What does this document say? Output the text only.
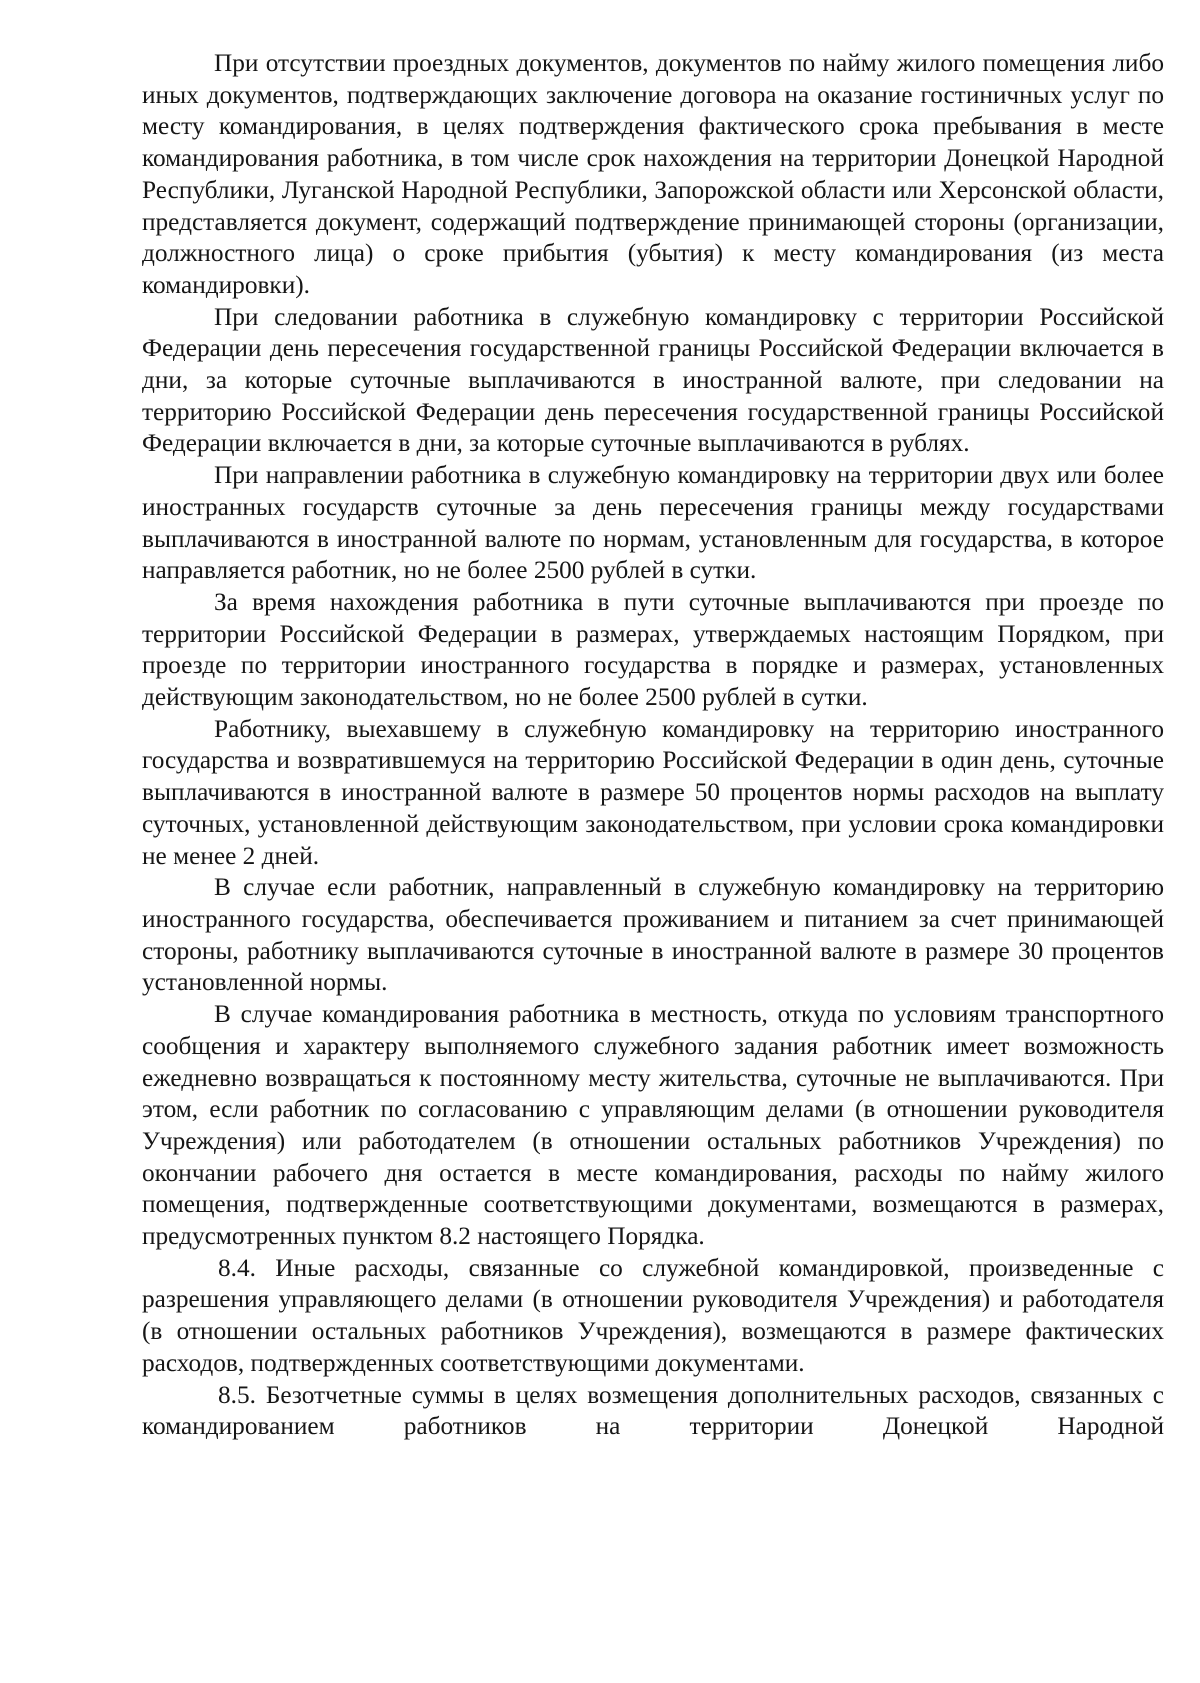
При отсутствии проездных документов, документов по найму жилого помещения либо иных документов, подтверждающих заключение договора на оказание гостиничных услуг по месту командирования, в целях подтверждения фактического срока пребывания в месте командирования работника, в том числе срок нахождения на территории Донецкой Народной Республики, Луганской Народной Республики, Запорожской области или Херсонской области, представляется документ, содержащий подтверждение принимающей стороны (организации, должностного лица) о сроке прибытия (убытия) к месту командирования (из места командировки).

При следовании работника в служебную командировку с территории Российской Федерации день пересечения государственной границы Российской Федерации включается в дни, за которые суточные выплачиваются в иностранной валюте, при следовании на территорию Российской Федерации день пересечения государственной границы Российской Федерации включается в дни, за которые суточные выплачиваются в рублях.

При направлении работника в служебную командировку на территории двух или более иностранных государств суточные за день пересечения границы между государствами выплачиваются в иностранной валюте по нормам, установленным для государства, в которое направляется работник, но не более 2500 рублей в сутки.

За время нахождения работника в пути суточные выплачиваются при проезде по территории Российской Федерации в размерах, утверждаемых настоящим Порядком, при проезде по территории иностранного государства в порядке и размерах, установленных действующим законодательством, но не более 2500 рублей в сутки.

Работнику, выехавшему в служебную командировку на территорию иностранного государства и возвратившемуся на территорию Российской Федерации в один день, суточные выплачиваются в иностранной валюте в размере 50 процентов нормы расходов на выплату суточных, установленной действующим законодательством, при условии срока командировки не менее 2 дней.

В случае если работник, направленный в служебную командировку на территорию иностранного государства, обеспечивается проживанием и питанием за счет принимающей стороны, работнику выплачиваются суточные в иностранной валюте в размере 30 процентов установленной нормы.

В случае командирования работника в местность, откуда по условиям транспортного сообщения и характеру выполняемого служебного задания работник имеет возможность ежедневно возвращаться к постоянному месту жительства, суточные не выплачиваются. При этом, если работник по согласованию с управляющим делами (в отношении руководителя Учреждения) или работодателем (в отношении остальных работников Учреждения) по окончании рабочего дня остается в месте командирования, расходы по найму жилого помещения, подтвержденные соответствующими документами, возмещаются в размерах, предусмотренных пунктом 8.2 настоящего Порядка.

8.4. Иные расходы, связанные со служебной командировкой, произведенные с разрешения управляющего делами (в отношении руководителя Учреждения) и работодателя (в отношении остальных работников Учреждения), возмещаются в размере фактических расходов, подтвержденных соответствующими документами.

8.5. Безотчетные суммы в целях возмещения дополнительных расходов, связанных с командированием работников на территории Донецкой Народной
